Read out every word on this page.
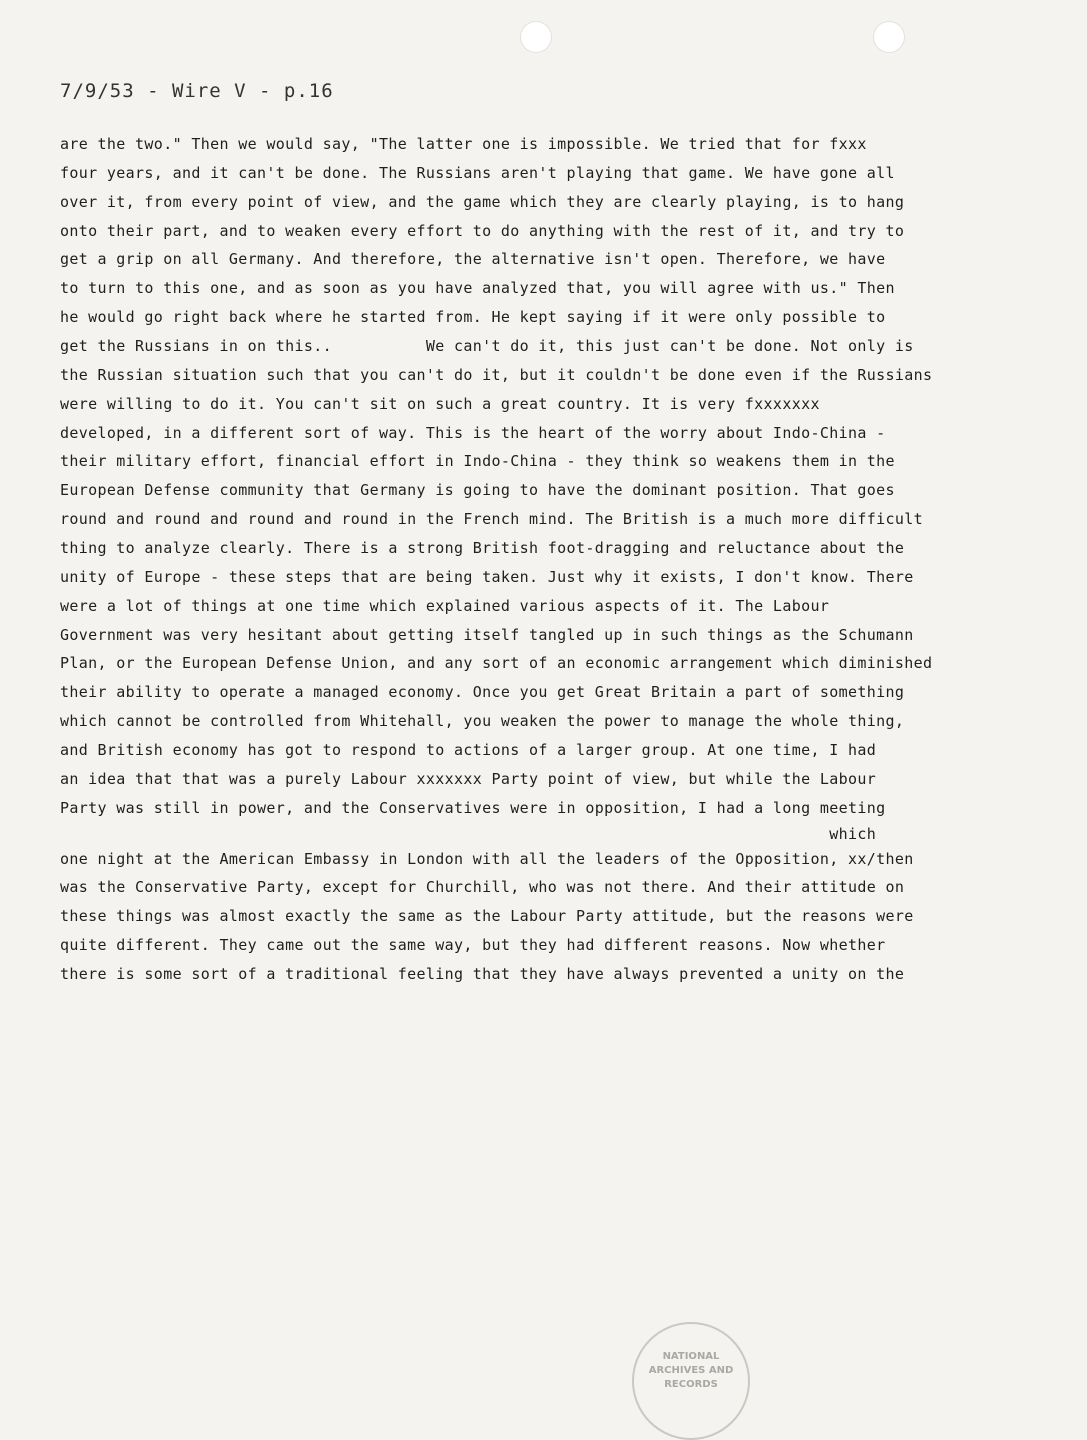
7/9/53 - Wire V - p.16
are the two." Then we would say, "The latter one is impossible. We tried that for fxxx
four years, and it can't be done. The Russians aren't playing that game. We have gone all
over it, from every point of view, and the game which they are clearly playing, is to hang
onto their part, and to weaken every effort to do anything with the rest of it, and try to
get a grip on all Germany. And therefore, the alternative isn't open. Therefore, we have
to turn to this one, and as soon as you have analyzed that, you will agree with us." Then
he would go right back where he started from. He kept saying if it were only possible to
get the Russians in on this..          We can't do it, this just can't be done. Not only is
the Russian situation such that you can't do it, but it couldn't be done even if the Russians
were willing to do it. You can't sit on such a great country. It is very fxxxxxxx
developed, in a different sort of way. This is the heart of the worry about Indo-China -
their military effort, financial effort in Indo-China - they think so weakens them in the
European Defense community that Germany is going to have the dominant position. That goes
round and round and round and round in the French mind. The British is a much more difficult
thing to analyze clearly. There is a strong British foot-dragging and reluctance about the
unity of Europe - these steps that are being taken. Just why it exists, I don't know. There
were a lot of things at one time which explained various aspects of it. The Labour
Government was very hesitant about getting itself tangled up in such things as the Schumann
Plan, or the European Defense Union, and any sort of an economic arrangement which diminished
their ability to operate a managed economy. Once you get Great Britain a part of something
which cannot be controlled from Whitehall, you weaken the power to manage the whole thing,
and British economy has got to respond to actions of a larger group. At one time, I had
an idea that that was a purely Labour xxxxxxx Party point of view, but while the Labour
Party was still in power, and the Conservatives were in opposition, I had a long meeting
which
one night at the American Embassy in London with all the leaders of the Opposition, xx/then
was the Conservative Party, except for Churchill, who was not there. And their attitude on
these things was almost exactly the same as the Labour Party attitude, but the reasons were
quite different. They came out the same way, but they had different reasons. Now whether
there is some sort of a traditional feeling that they have always prevented a unity on the
NATIONAL
ARCHIVES AND
RECORDS
